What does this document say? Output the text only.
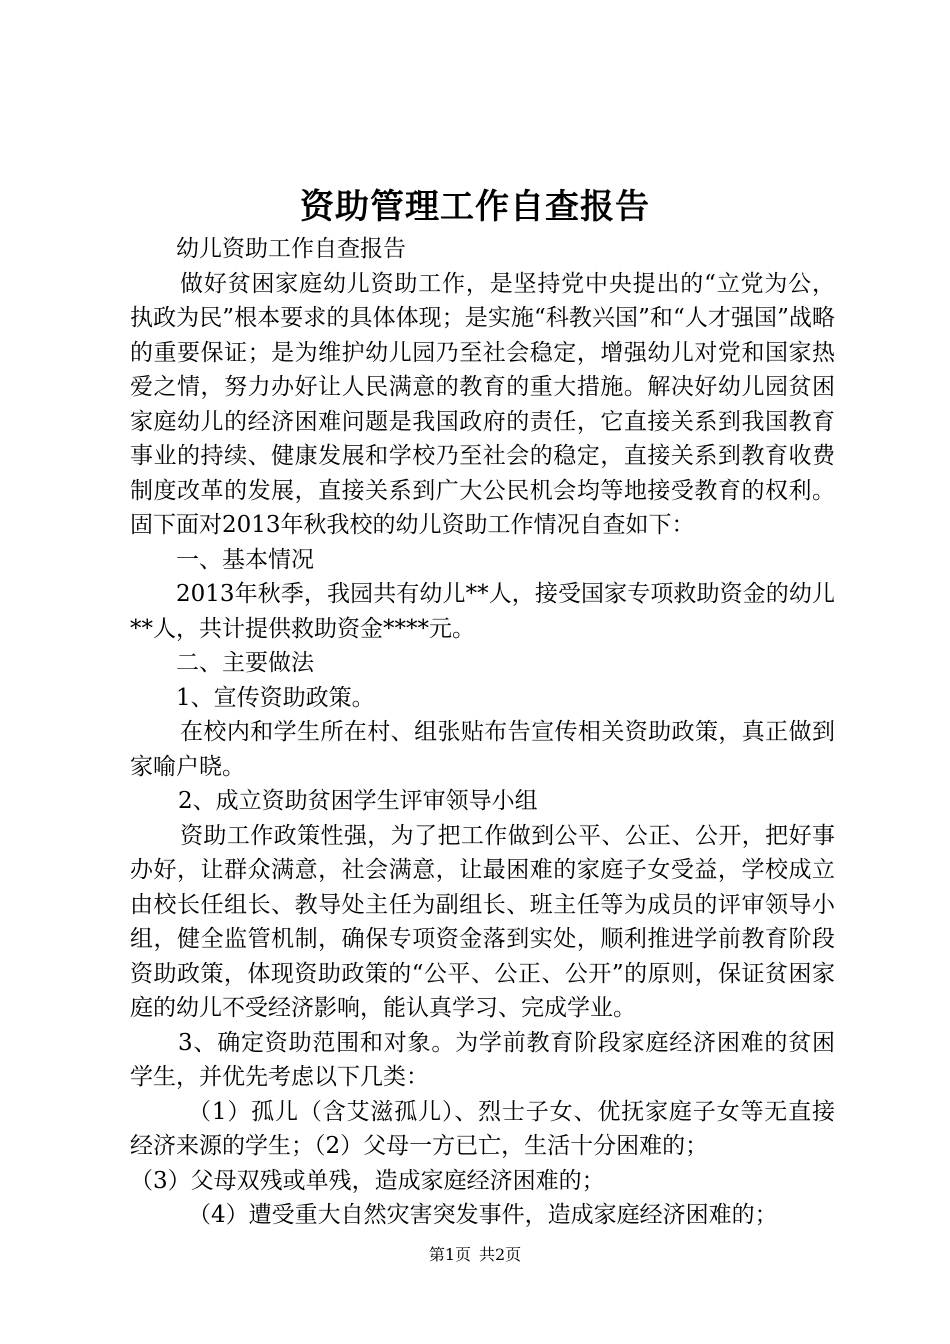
资助管理工作自查报告

幼儿资助工作自查报告

做好贫困家庭幼儿资助工作，是坚持党中央提出的“立党为公，执政为民”根本要求的具体体现；是实施“科教兴国”和“人才强国”战略的重要保证；是为维护幼儿园乃至社会稳定，增强幼儿对党和国家热爱之情，努力办好让人民满意的教育的重大措施。解决好幼儿园贫困家庭幼儿的经济困难问题是我国政府的责任，它直接关系到我国教育事业的持续、健康发展和学校乃至社会的稳定，直接关系到教育收费制度改革的发展，直接关系到广大公民机会均等地接受教育的权利。固下面对2013年秋我校的幼儿资助工作情况自查如下：

一、基本情况

2013年秋季，我园共有幼儿**人，接受国家专项救助资金的幼儿**人，共计提供救助资金****元。

二、主要做法

1、宣传资助政策。

在校内和学生所在村、组张贴布告宣传相关资助政策，真正做到家喻户晓。

2、成立资助贫困学生评审领导小组

资助工作政策性强，为了把工作做到公平、公正、公开，把好事办好，让群众满意，社会满意，让最困难的家庭子女受益，学校成立由校长任组长、教导处主任为副组长、班主任等为成员的评审领导小组，健全监管机制，确保专项资金落到实处，顺利推进学前教育阶段资助政策，体现资助政策的“公平、公正、公开”的原则，保证贫困家庭的幼儿不受经济影响，能认真学习、完成学业。

3、确定资助范围和对象。为学前教育阶段家庭经济困难的贫困学生，并优先考虑以下几类：

（1）孤儿（含艾滋孤儿）、烈士子女、优抚家庭子女等无直接经济来源的学生；（2）父母一方已亡，生活十分困难的；

（3）父母双残或单残，造成家庭经济困难的；

（4）遭受重大自然灾害突发事件，造成家庭经济困难的；

第1页 共2页
